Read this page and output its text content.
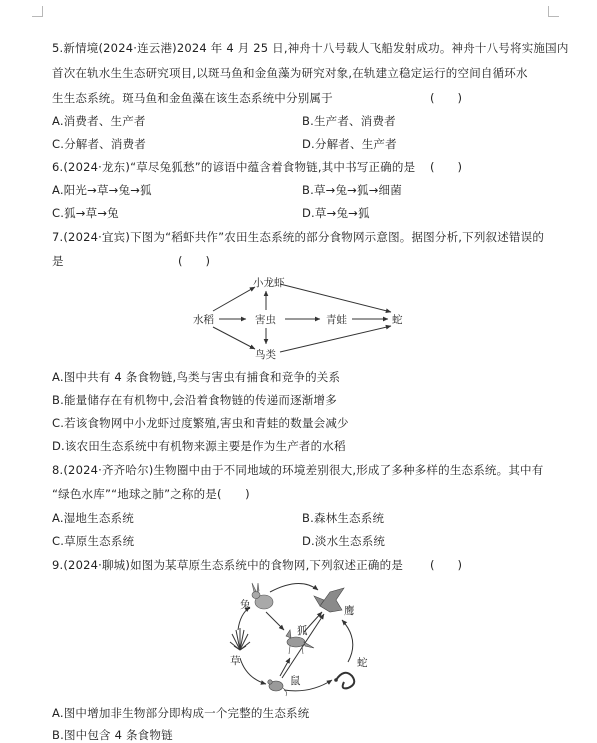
5.新情境(2024·连云港)2024 年 4 月 25 日,神舟十八号载人飞船发射成功。神舟十八号将实施国内
首次在轨水生生态研究项目,以斑马鱼和金鱼藻为研究对象,在轨建立稳定运行的空间自循环水
生生态系统。斑马鱼和金鱼藻在该生态系统中分别属于	(　　)
A.消费者、生产者	B.生产者、消费者
C.分解者、消费者	D.分解者、生产者
6.(2024·龙东)“草尽兔狐愁”的谚语中蕴含着食物链,其中书写正确的是 (　　)
A.阳光→草→兔→狐	B.草→兔→狐→细菌
C.狐→草→兔	D.草→兔→狐
7.(2024·宜宾)下图为“稻虾共作”农田生态系统的部分食物网示意图。据图分析,下列叙述错误的
是	(　　)
小龙虾
水稻	害虫	青蛙	蛇
鸟类
A.图中共有 4 条食物链,鸟类与害虫有捕食和竞争的关系
B.能量储存在有机物中,会沿着食物链的传递而逐渐增多
C.若该食物网中小龙虾过度繁殖,害虫和青蛙的数量会减少
D.该农田生态系统中有机物来源主要是作为生产者的水稻
8.(2024·齐齐哈尔)生物圈中由于不同地域的环境差别很大,形成了多种多样的生态系统。其中有
“绿色水库”“地球之肺”之称的是(　　)
A.湿地生态系统	B.森林生态系统
C.草原生态系统	D.淡水生态系统
9.(2024·聊城)如图为某草原生态系统中的食物网,下列叙述正确的是 (　　)
兔	鹰
狐
草
鼠
蛇
A.图中增加非生物部分即构成一个完整的生态系统
B.图中包含 4 条食物链
